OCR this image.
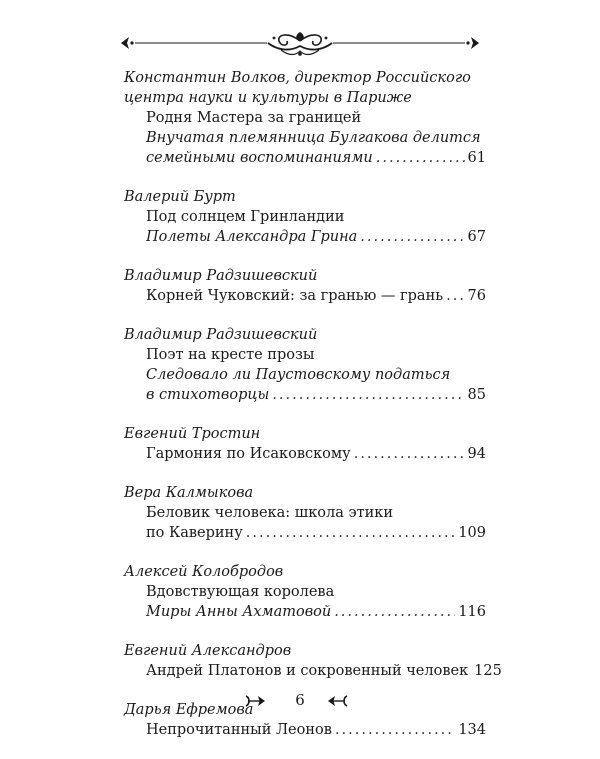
Константин Волков, директор Российского
центра науки и культуры в Париже
Родня Мастера за границей
Внучатая племянница Булгакова делится
семейными воспоминаниями .....	61
Валерий Бурт
Под солнцем Гринландии
Полеты Александра Грина .....	67
Владимир Радзишевский
Корней Чуковский: за гранью — грань ..... 76
Владимир Радзишевский
Поэт на кресте прозы
Следовало ли Паустовскому податься
в стихотворцы .....	85
Евгений Тростин
Гармония по Исаковскому .....	94
Вера Калмыкова
Беловик человека: школа этики
по Каверину .....	109
Алексей Колобродов
Вдовствующая королева
Миры Анны Ахматовой .....	116
Евгений Александров
Андрей Платонов и сокровенный человек 125
Дарья Ефремова
Непрочитанный Леонов .....	134
6
